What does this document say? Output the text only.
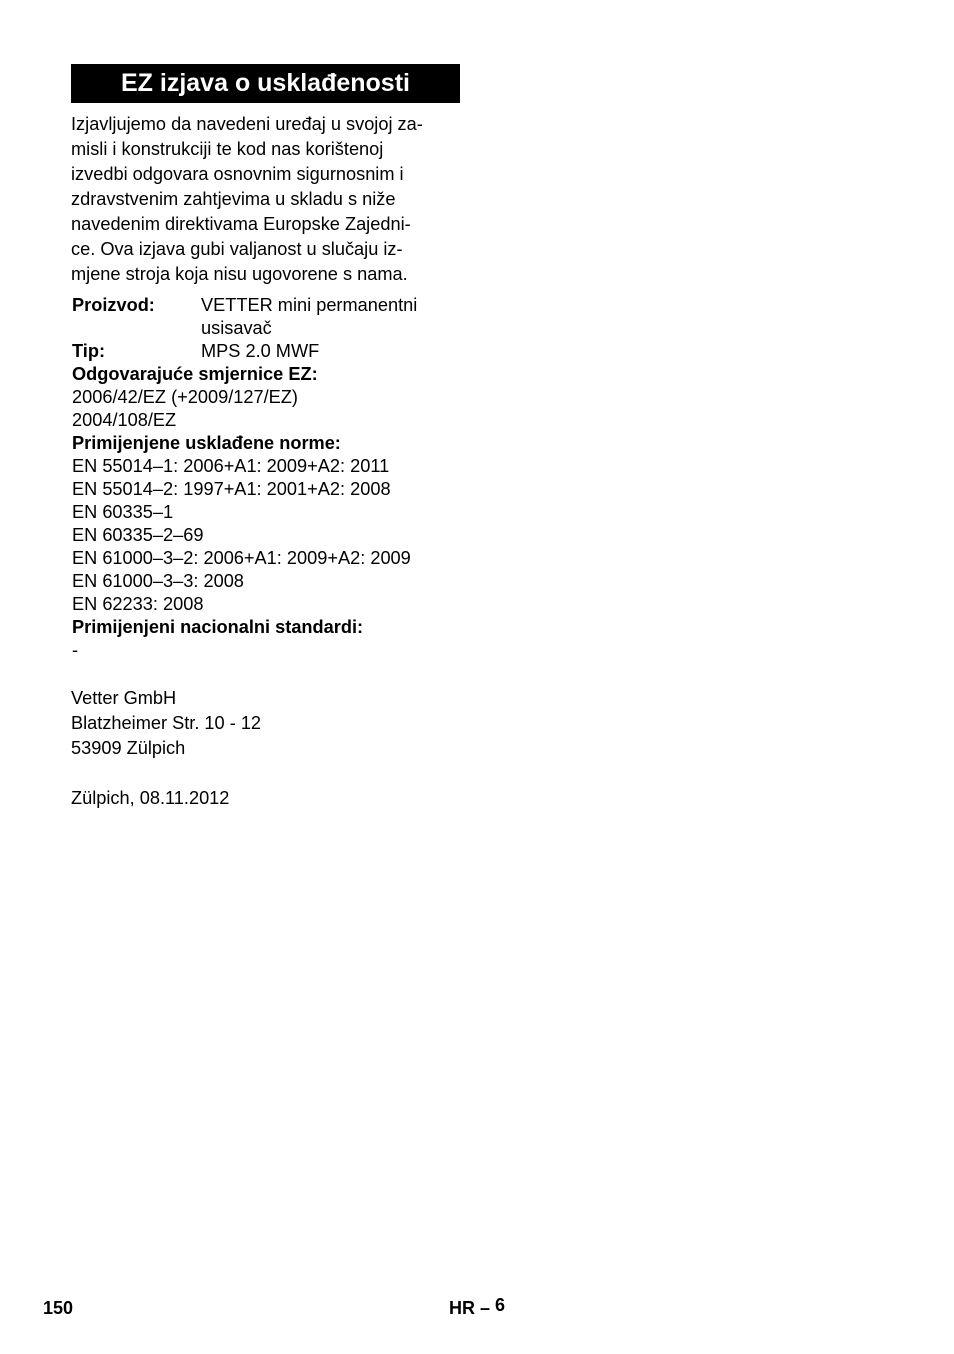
EZ izjava o usklađenosti
Izjavljujemo da navedeni uređaj u svojoj za-
misli i konstrukciji te kod nas korištenoj
izvedbi odgovara osnovnim sigurnosnim i
zdravstvenim zahtjevima u skladu s niže
navedenim direktivama Europske Zajedni-
ce. Ova izjava gubi valjanost u slučaju iz-
mjene stroja koja nisu ugovorene s nama.
Proizvod:	VETTER mini permanentni
usisavač
Tip:	MPS 2.0 MWF
Odgovarajuće smjernice EZ:
2006/42/EZ (+2009/127/EZ)
2004/108/EZ
Primijenjene usklađene norme:
EN 55014–1: 2006+A1: 2009+A2: 2011
EN 55014–2: 1997+A1: 2001+A2: 2008
EN 60335–1
EN 60335–2–69
EN 61000–3–2: 2006+A1: 2009+A2: 2009
EN 61000–3–3: 2008
EN 62233: 2008
Primijenjeni nacionalni standardi:
-
Vetter GmbH
Blatzheimer Str. 10 - 12
53909 Zülpich
Zülpich, 08.11.2012
150	HR – 6
